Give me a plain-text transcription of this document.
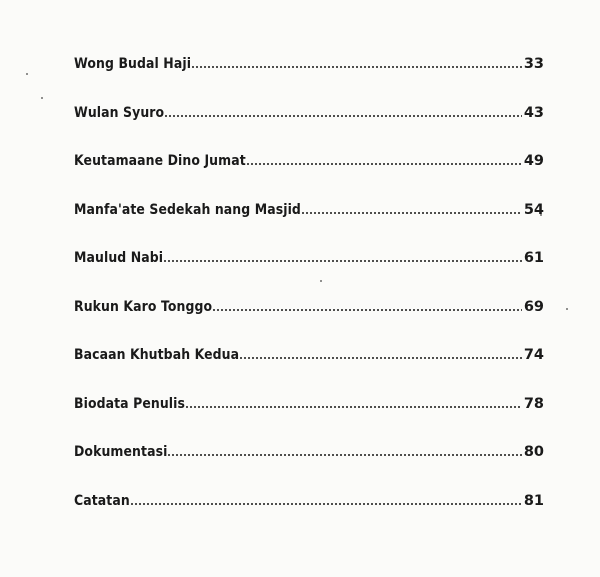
Wong Budal Haji	33
Wulan Syuro	43
Keutamaane Dino Jumat	49
Manfa'ate Sedekah nang Masjid	54
Maulud Nabi	61
Rukun Karo Tonggo	69
Bacaan Khutbah Kedua	74
Biodata Penulis	78
Dokumentasi	80
Catatan	81
